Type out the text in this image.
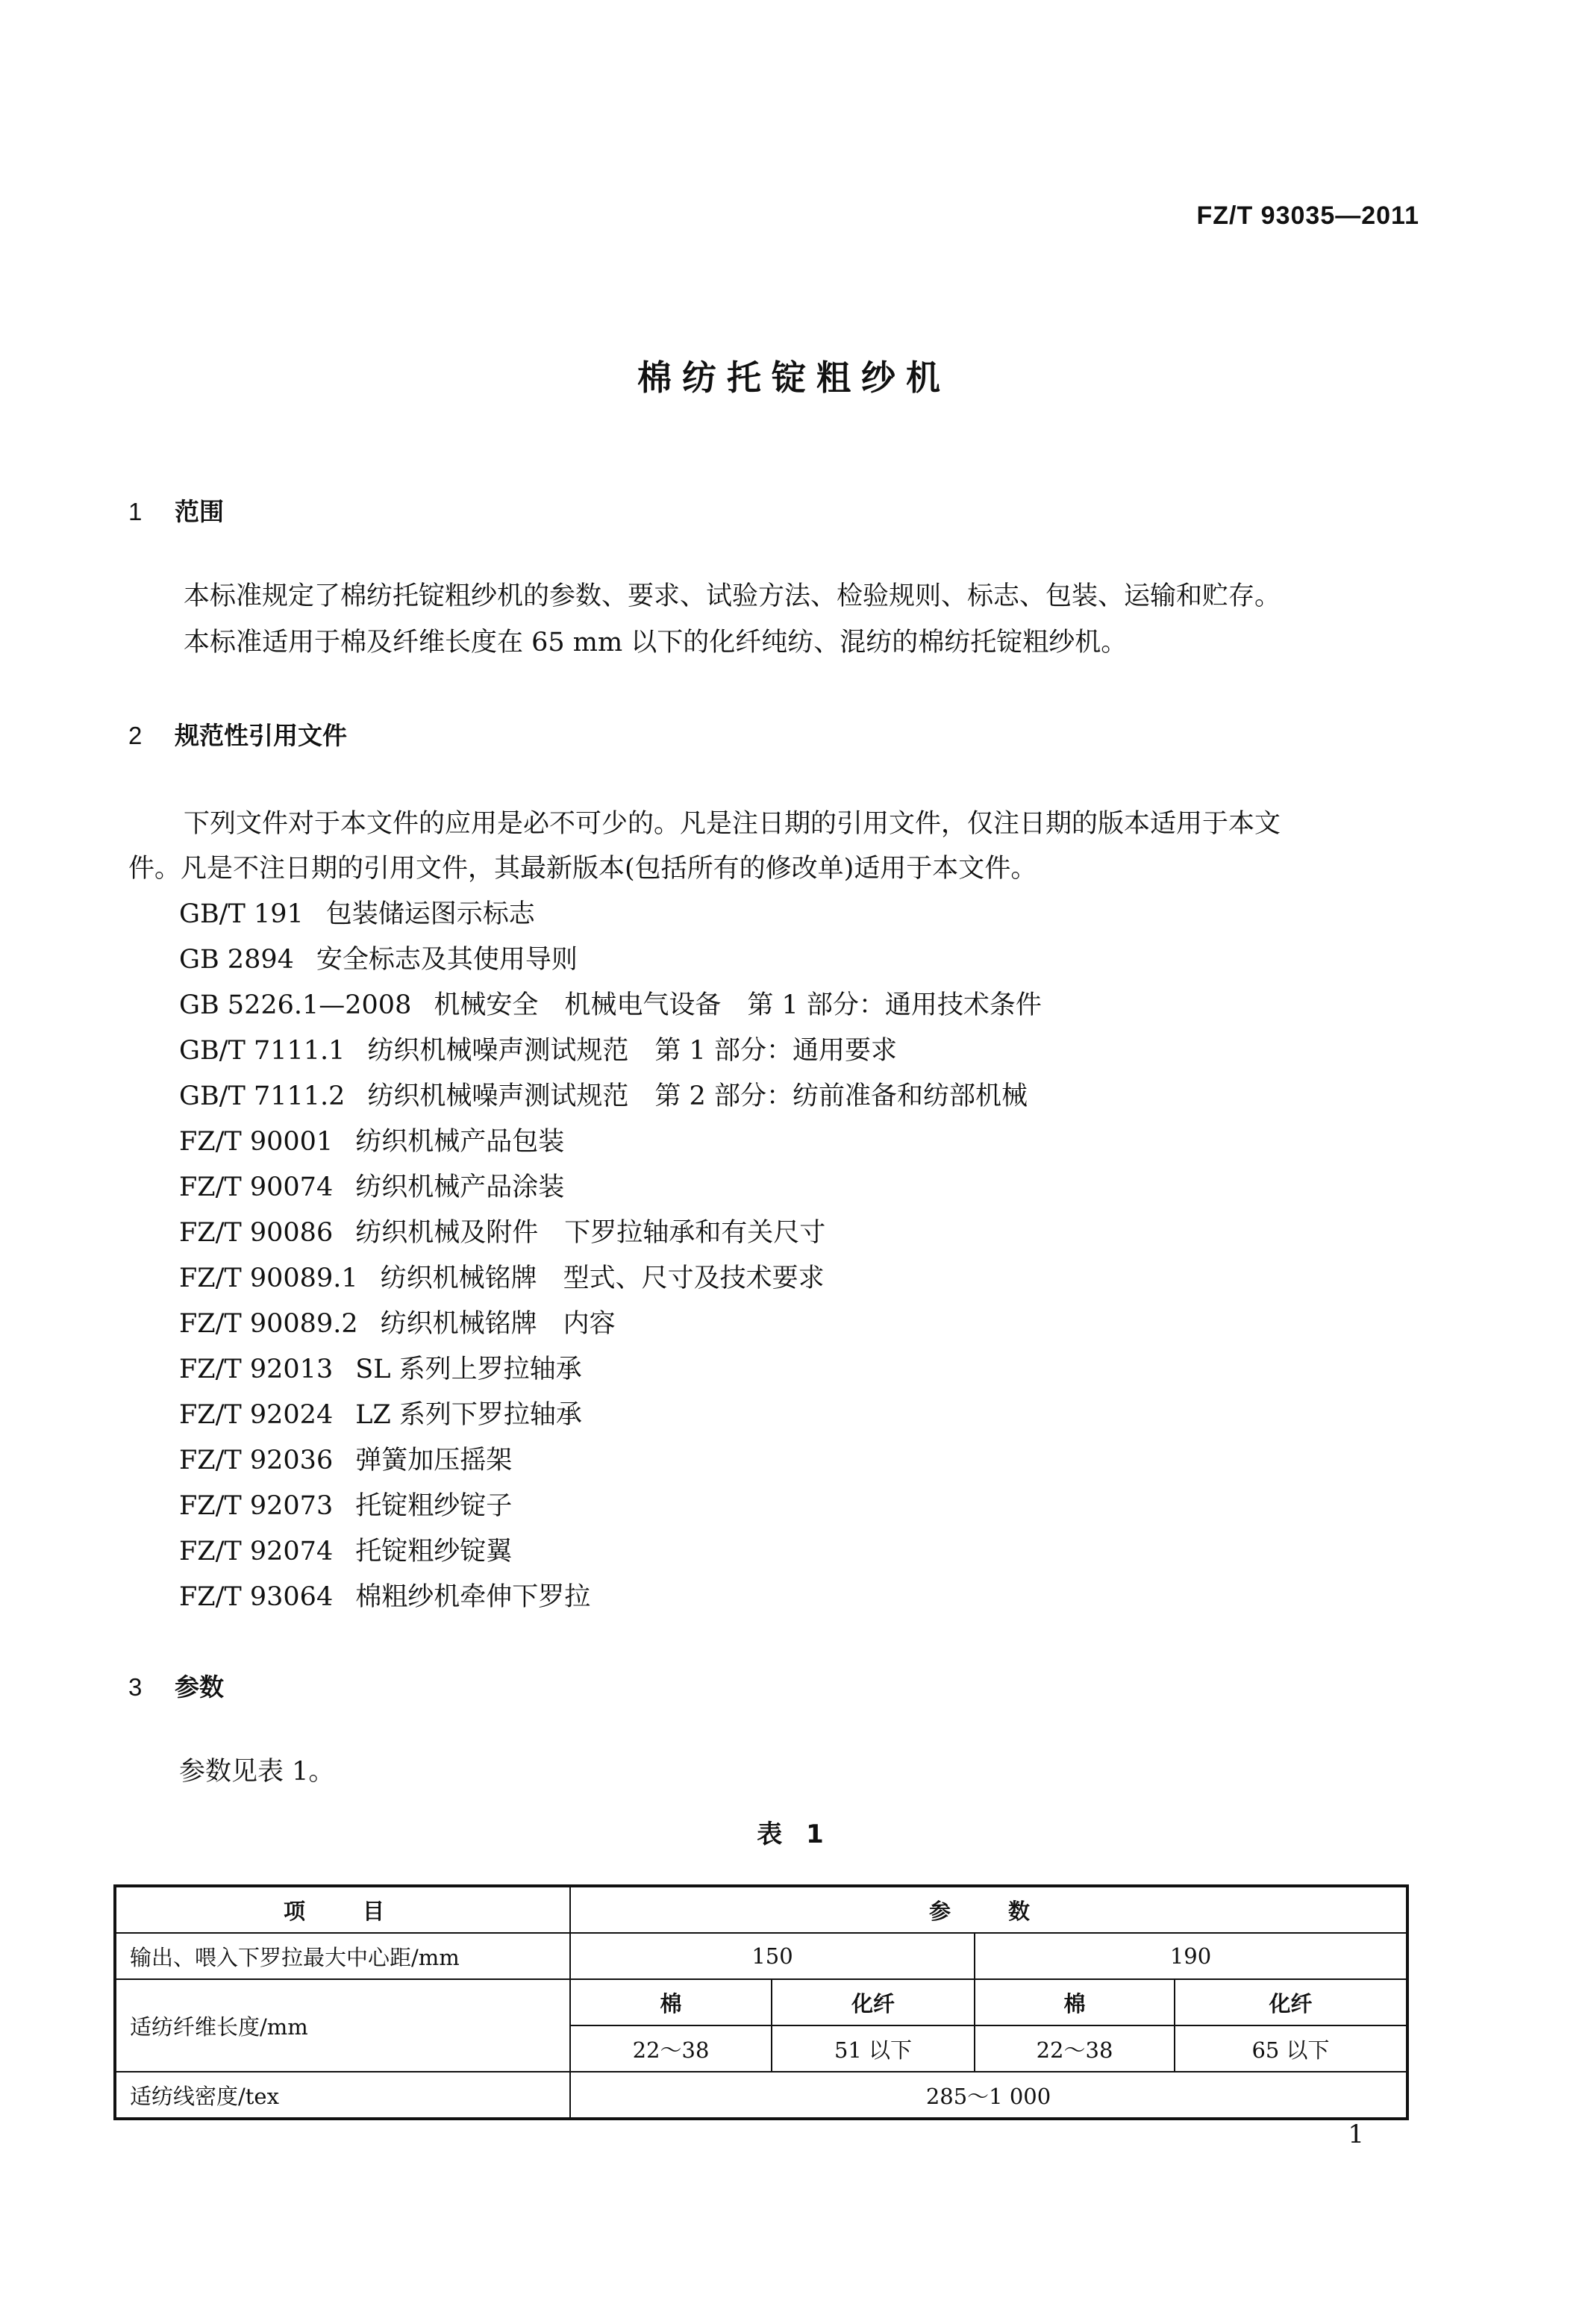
FZ/T 93035—2011
棉纺托锭粗纱机
1 范围
本标准规定了棉纺托锭粗纱机的参数、要求、试验方法、检验规则、标志、包装、运输和贮存。
本标准适用于棉及纤维长度在 65 mm 以下的化纤纯纺、混纺的棉纺托锭粗纱机。
2 规范性引用文件
下列文件对于本文件的应用是必不可少的。凡是注日期的引用文件，仅注日期的版本适用于本文
件。凡是不注日期的引用文件，其最新版本(包括所有的修改单)适用于本文件。
GB/T 191 包装储运图示标志
GB 2894 安全标志及其使用导则
GB 5226.1—2008 机械安全　机械电气设备　第 1 部分：通用技术条件
GB/T 7111.1 纺织机械噪声测试规范　第 1 部分：通用要求
GB/T 7111.2 纺织机械噪声测试规范　第 2 部分：纺前准备和纺部机械
FZ/T 90001 纺织机械产品包装
FZ/T 90074 纺织机械产品涂装
FZ/T 90086 纺织机械及附件　下罗拉轴承和有关尺寸
FZ/T 90089.1 纺织机械铭牌　型式、尺寸及技术要求
FZ/T 90089.2 纺织机械铭牌　内容
FZ/T 92013 SL 系列上罗拉轴承
FZ/T 92024 LZ 系列下罗拉轴承
FZ/T 92036 弹簧加压摇架
FZ/T 92073 托锭粗纱锭子
FZ/T 92074 托锭粗纱锭翼
FZ/T 93064 棉粗纱机牵伸下罗拉
3 参数
参数见表 1。
表 1
项　目	参　数			
输出、喂入下罗拉最大中心距/mm	150		190	
适纺纤维长度/mm	棉	化纤	棉	化纤
	22～38	51 以下	22～38	65 以下
适纺线密度/tex	285～1 000			
1
